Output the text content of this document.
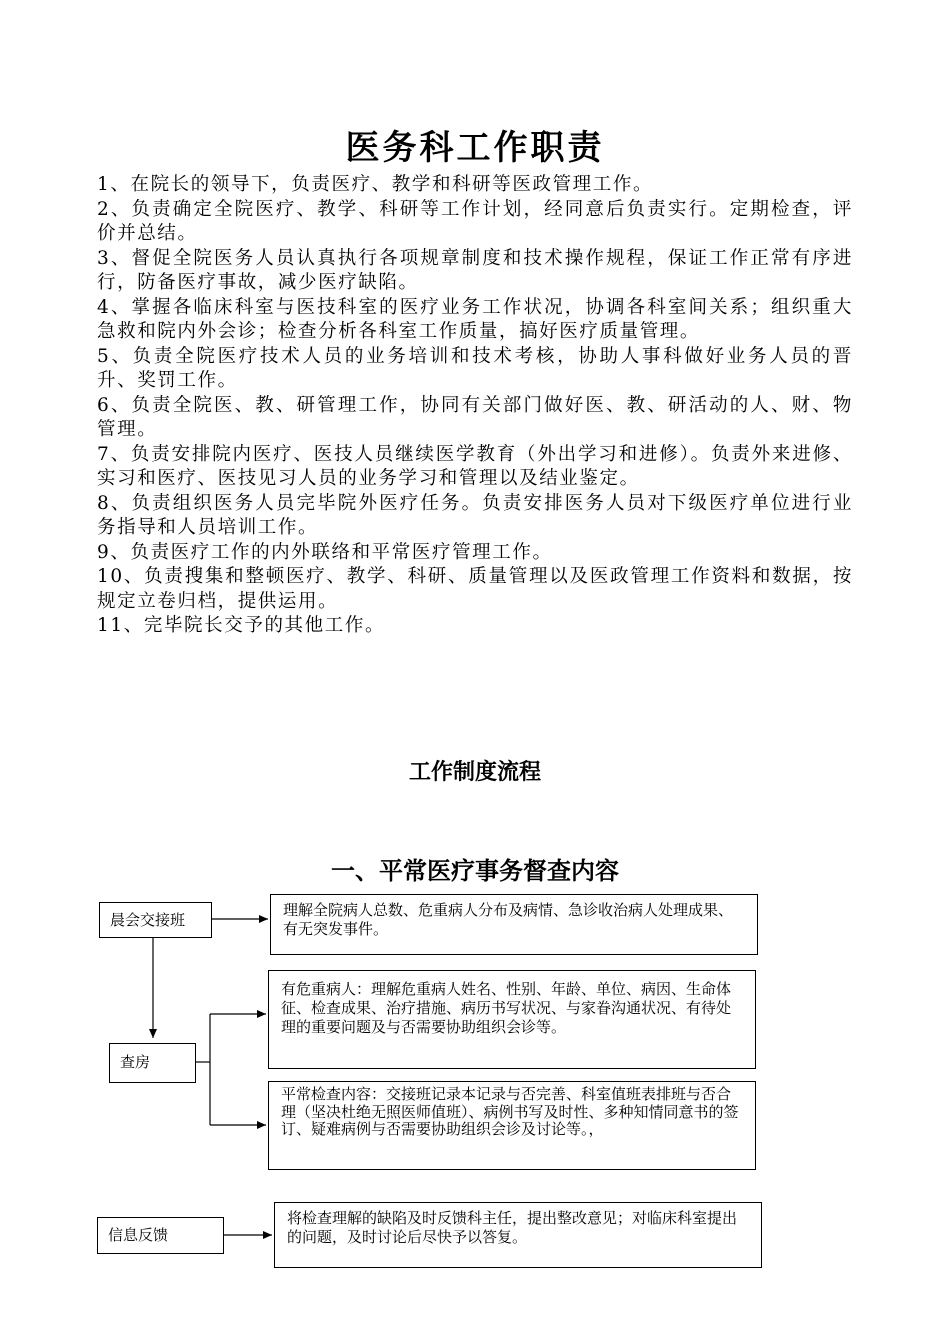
医务科工作职责

1、在院长的领导下，负责医疗、教学和科研等医政管理工作。

2、负责确定全院医疗、教学、科研等工作计划，经同意后负责实行。定期检查，评价并总结。

3、督促全院医务人员认真执行各项规章制度和技术操作规程，保证工作正常有序进行，防备医疗事故，减少医疗缺陷。

4、掌握各临床科室与医技科室的医疗业务工作状况，协调各科室间关系；组织重大急救和院内外会诊；检查分析各科室工作质量，搞好医疗质量管理。

5、负责全院医疗技术人员的业务培训和技术考核，协助人事科做好业务人员的晋升、奖罚工作。

6、负责全院医、教、研管理工作，协同有关部门做好医、教、研活动的人、财、物管理。

7、负责安排院内医疗、医技人员继续医学教育（外出学习和进修）。负责外来进修、实习和医疗、医技见习人员的业务学习和管理以及结业鉴定。

8、负责组织医务人员完毕院外医疗任务。负责安排医务人员对下级医疗单位进行业务指导和人员培训工作。

9、负责医疗工作的内外联络和平常医疗管理工作。

10、负责搜集和整顿医疗、教学、科研、质量管理以及医政管理工作资料和数据，按规定立卷归档，提供运用。

11、完毕院长交予的其他工作。

工作制度流程
一、平常医疗事务督查内容
晨会交接班
理解全院病人总数、危重病人分布及病情、急诊收治病人处理成果、有无突发事件。
查房
有危重病人：理解危重病人姓名、性别、年龄、单位、病因、生命体征、检查成果、治疗措施、病历书写状况、与家眷沟通状况、有待处理的重要问题及与否需要协助组织会诊等。
平常检查内容：交接班记录本记录与否完善、科室值班表排班与否合理（坚决杜绝无照医师值班）、病例书写及时性、多种知情同意书的签订、疑难病例与否需要协助组织会诊及讨论等。，
信息反馈
将检查理解的缺陷及时反馈科主任，提出整改意见；对临床科室提出的问题，及时讨论后尽快予以答复。
